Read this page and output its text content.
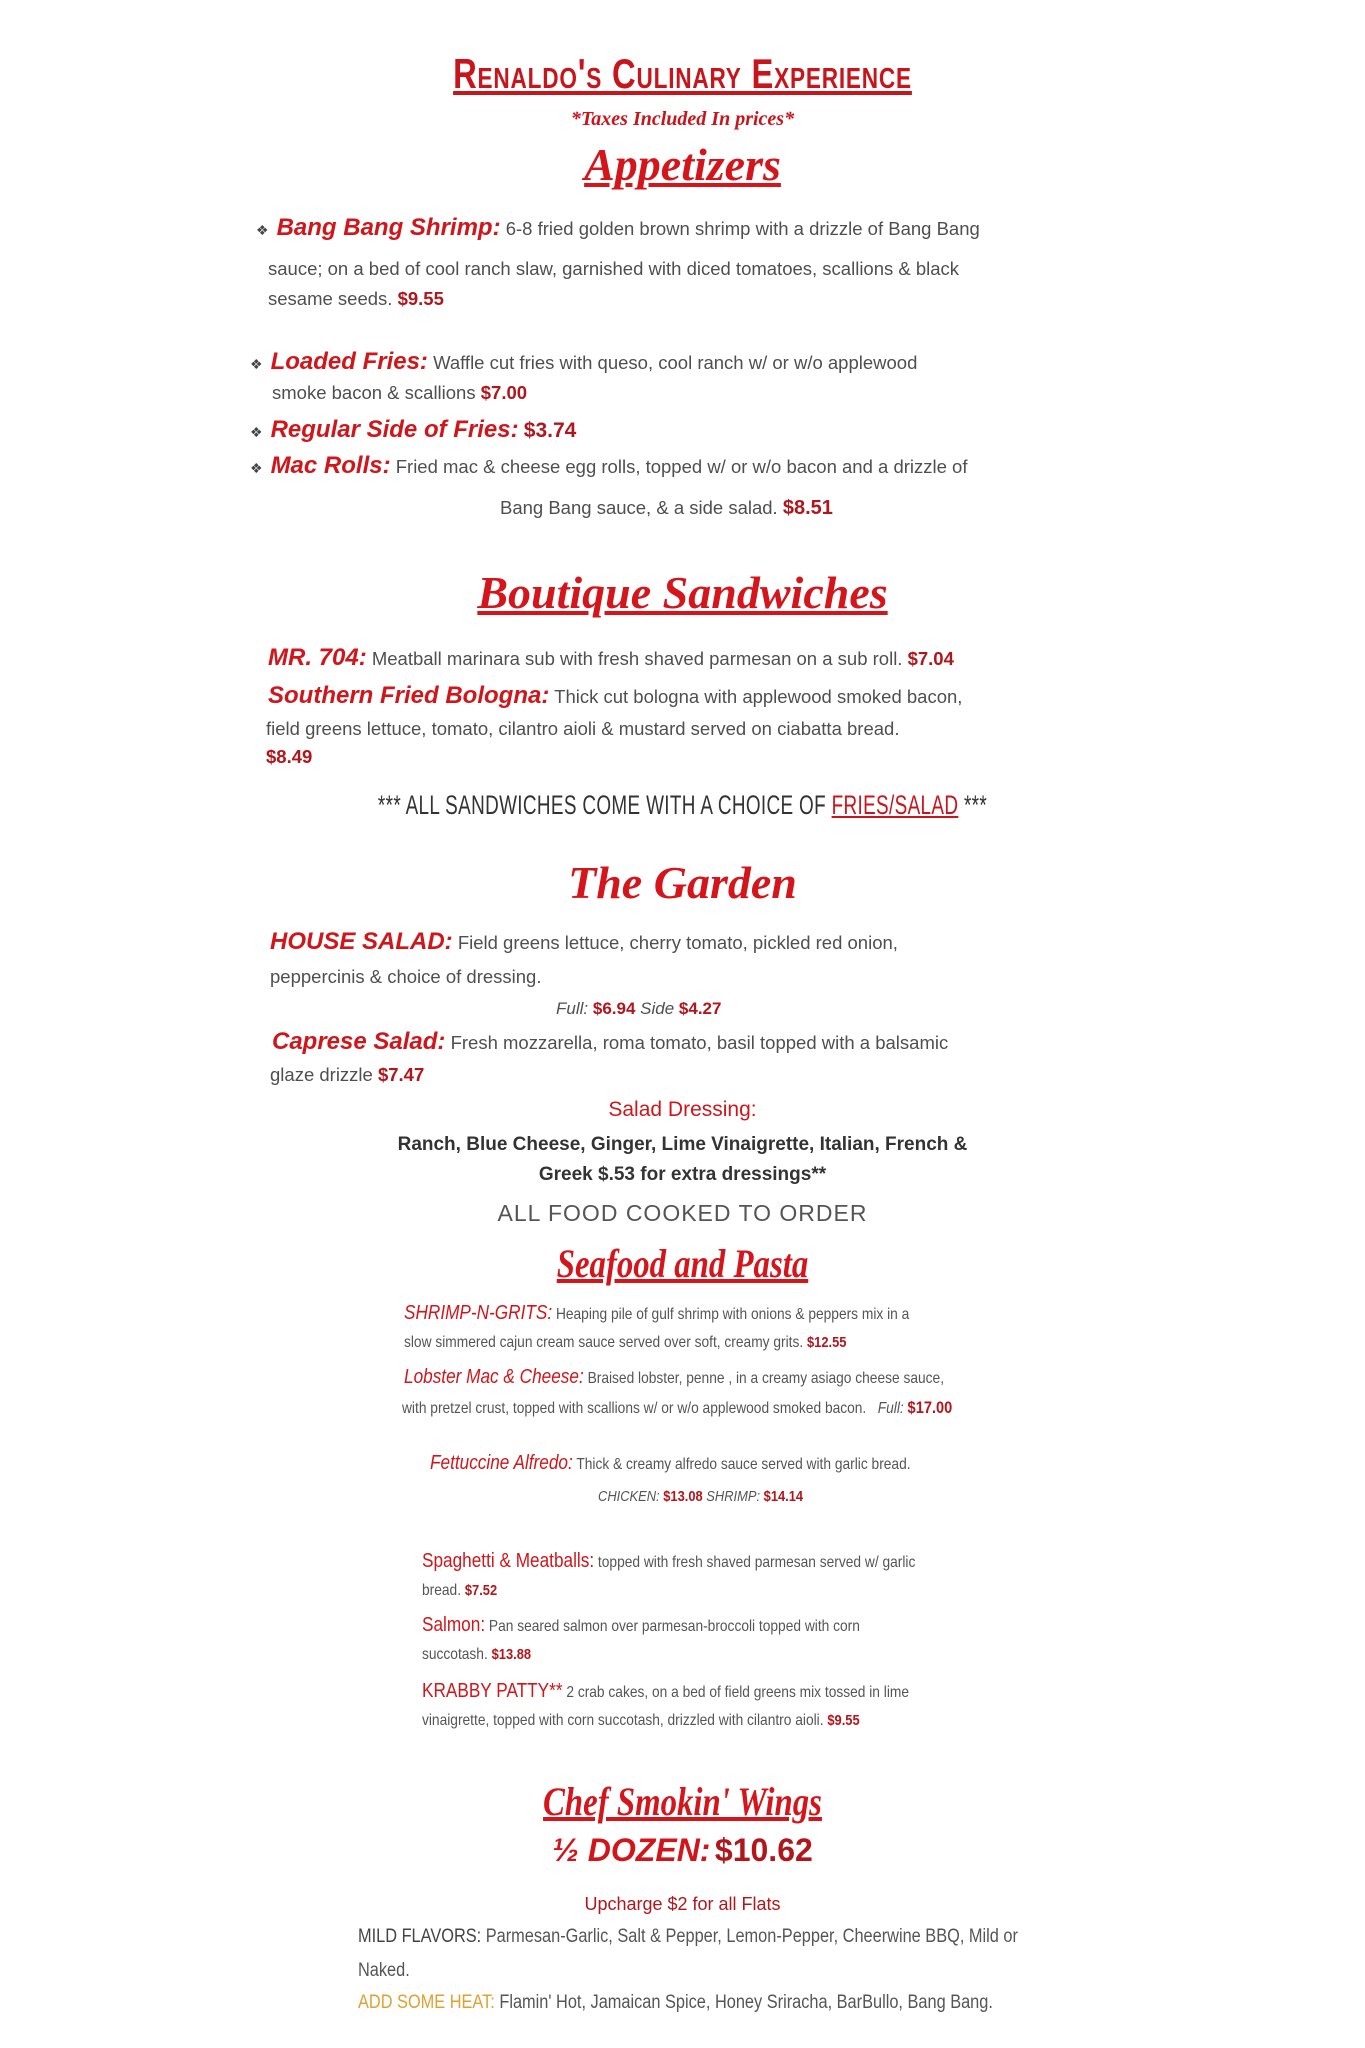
Renaldo's Culinary Experience
*Taxes Included In prices*
Appetizers
❖ Bang Bang Shrimp: 6-8 fried golden brown shrimp with a drizzle of Bang Bang
sauce; on a bed of cool ranch slaw, garnished with diced tomatoes, scallions & black
sesame seeds. $9.55
❖ Loaded Fries: Waffle cut fries with queso, cool ranch w/ or w/o applewood
smoke bacon & scallions $7.00
❖ Regular Side of Fries: $3.74
❖ Mac Rolls: Fried mac & cheese egg rolls, topped w/ or w/o bacon and a drizzle of
Bang Bang sauce, & a side salad. $8.51
Boutique Sandwiches
MR. 704: Meatball marinara sub with fresh shaved parmesan on a sub roll. $7.04
Southern Fried Bologna: Thick cut bologna with applewood smoked bacon,
field greens lettuce, tomato, cilantro aioli & mustard served on ciabatta bread.
$8.49
*** ALL SANDWICHES COME WITH A CHOICE OF FRIES/SALAD ***
The Garden
HOUSE SALAD: Field greens lettuce, cherry tomato, pickled red onion,
peppercinis & choice of dressing.
Full: $6.94 Side $4.27
Caprese Salad: Fresh mozzarella, roma tomato, basil topped with a balsamic
glaze drizzle $7.47
Salad Dressing:
Ranch, Blue Cheese, Ginger, Lime Vinaigrette, Italian, French &
Greek $.53 for extra dressings**
ALL FOOD COOKED TO ORDER
Seafood and Pasta
SHRIMP-N-GRITS: Heaping pile of gulf shrimp with onions & peppers mix in a
slow simmered cajun cream sauce served over soft, creamy grits. $12.55
Lobster Mac & Cheese: Braised lobster, penne , in a creamy asiago cheese sauce,
with pretzel crust, topped with scallions w/ or w/o applewood smoked bacon. Full: $17.00
Fettuccine Alfredo: Thick & creamy alfredo sauce served with garlic bread.
CHICKEN: $13.08 SHRIMP: $14.14
Spaghetti & Meatballs: topped with fresh shaved parmesan served w/ garlic
bread. $7.52
Salmon: Pan seared salmon over parmesan-broccoli topped with corn
succotash. $13.88
KRABBY PATTY** 2 crab cakes, on a bed of field greens mix tossed in lime
vinaigrette, topped with corn succotash, drizzled with cilantro aioli. $9.55
Chef Smokin' Wings
½ DOZEN: $10.62
Upcharge $2 for all Flats
MILD FLAVORS: Parmesan-Garlic, Salt & Pepper, Lemon-Pepper, Cheerwine BBQ, Mild or
Naked.
ADD SOME HEAT: Flamin' Hot, Jamaican Spice, Honey Sriracha, BarBullo, Bang Bang.
